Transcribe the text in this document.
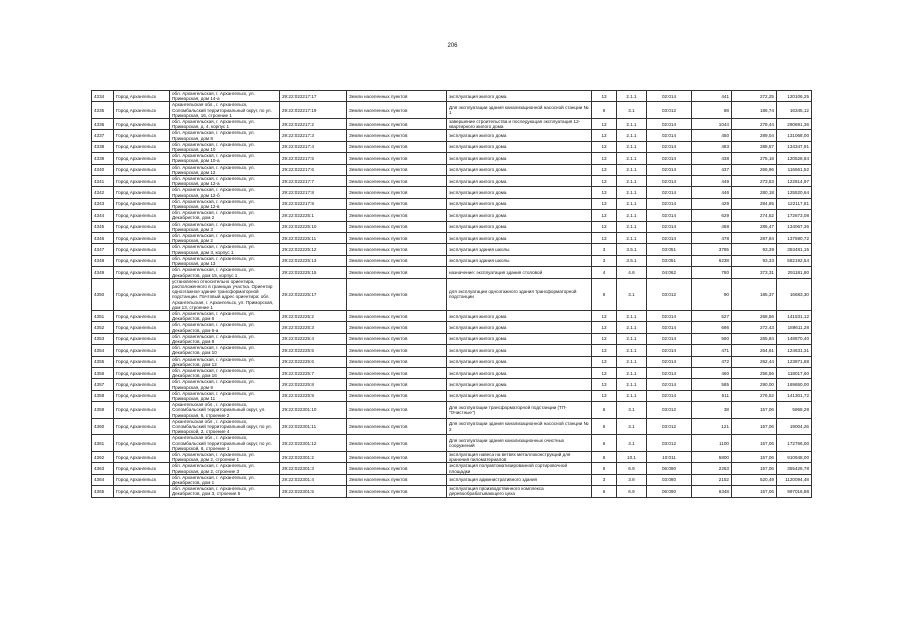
206
4334	Город Архангельск	обл. Архангельская, г. Архангельск, ул. Приморская, дом 14-а	29:22:022217:17	Земли населенных пунктов	эксплуатация жилого дома	13	2.1.1	02:014	441	272,25	120106,25
4335	Город Архангельск	Архангельская обл., г. Архангельск, Соломбальский территориальный округ, по ул. Приморская, 16, строение 1	29:22:022217:19	Земли населенных пунктов	Для эксплуатации здания канализационной насосной станции № 1	6	3.1	03:012	88	186,74	16345,12
4336	Город Архангельск	обл. Архангельская, г. Архангельск, ул. Приморская, д. 4, корпус 1	29:22:022217:2	Земли населенных пунктов	завершение строительства и последующая эксплуатация 12-квартирного жилого дома	13	2.1.1	02:014	1044	278,44	290691,36
4337	Город Архангельск	обл. Архангельская, г. Архангельск, ул. Приморская, дом 8	29:22:022217:3	Земли населенных пунктов	эксплуатация жилого дома	13	2.1.1	02:014	450	289,04	131068,00
4338	Город Архангельск	обл. Архангельская, г. Архангельск, ул. Приморская, дом 10	29:22:022217:4	Земли населенных пунктов	эксплуатация жилого дома	13	2.1.1	02:014	483	288,57	134347,91
4339	Город Архангельск	обл. Архангельская, г. Архангельск, ул. Приморская, дом 10-а	29:22:022217:5	Земли населенных пунктов	эксплуатация жилого дома	13	2.1.1	02:014	438	275,18	120528,84
4340	Город Архангельск	обл. Архангельская, г. Архангельск, ул. Приморская, дом 12	29:22:022217:6	Земли населенных пунктов	эксплуатация жилого дома	13	2.1.1	02:014	437	266,96	116661,52
4341	Город Архангельск	обл. Архангельская, г. Архангельск, ул. Приморская, дом 12-а	29:22:022217:7	Земли населенных пунктов	эксплуатация жилого дома	13	2.1.1	02:014	449	273,53	122814,97
4342	Город Архангельск	обл. Архангельская, г. Архангельск, ул. Приморская, дом 12-б	29:22:022217:8	Земли населенных пунктов	эксплуатация жилого дома	13	2.1.1	02:014	446	280,18	125520,64
4343	Город Архангельск	обл. Архангельская, г. Архангельск, ул. Приморская, дом 12-в	29:22:022217:9	Земли населенных пунктов	эксплуатация жилого дома	13	2.1.1	02:014	429	284,65	122117,81
4344	Город Архангельск	обл. Архангельская, г. Архангельск, ул. Декабристов, дом 2	29:22:022225:1	Земли населенных пунктов	эксплуатация жилого дома	13	2.1.1	02:014	629	274,52	172673,08
4345	Город Архангельск	обл. Архангельская, г. Архангельск, ул. Приморская, дом 3	29:22:022225:10	Земли населенных пунктов	эксплуатация жилого дома	13	2.1.1	02:014	468	286,47	134067,36
4346	Город Архангельск	обл. Архангельская, г. Архангельск, ул. Приморская, дом 2	29:22:022225:11	Земли населенных пунктов	эксплуатация жилого дома	13	2.1.1	02:014	478	287,84	137590,72
4347	Город Архангельск	обл. Архангельская, г. Архангельск, ул. Приморская, дом 3, корпус 1	29:22:022225:12	Земли населенных пунктов	эксплуатация здания школы	3	3.5.1	03:051	3785	93,39	353481,15
4348	Город Архангельск	обл. Архангельская, г. Архангельск, ул. Приморская, дом 13	29:22:022225:13	Земли населенных пунктов	эксплуатация здания школы	3	3.5.1	03:051	6238	93,33	582192,54
4349	Город Архангельск	обл. Архангельская, г. Архангельск, ул. Декабристов, дом 15, корпус 1	29:22:022225:15	Земли населенных пунктов	назначение: эксплуатация здания столовой	4	4.6	04:062	780	373,31	291181,80
4350	Город Архангельск	установлено относительно ориентира, расположенного в границах участка. Ориентир одноэтажное здание трансформаторной подстанции. Почтовый адрес ориентира: обл. Архангельская, г. Архангельск, ул. Приморская, дом 13, строение 1	29:22:022225:17	Земли населенных пунктов	для эксплуатации одноэтажного здания трансформаторной подстанции	6	3.1	03:012	90	185,37	16683,30
4351	Город Архангельск	обл. Архангельская, г. Архангельск, ул. Декабристов, дом 6	29:22:022225:2	Земли населенных пунктов	эксплуатация жилого дома	13	2.1.1	02:014	527	268,56	141531,12
4352	Город Архангельск	обл. Архангельская, г. Архангельск, ул. Декабристов, дом 6-а	29:22:022225:3	Земли населенных пунктов	эксплуатация жилого дома	13	2.1.1	02:014	696	272,43	189611,28
4353	Город Архангельск	обл. Архангельская, г. Архангельск, ул. Декабристов, дом 8	29:22:022225:4	Земли населенных пунктов	эксплуатация жилого дома	13	2.1.1	02:014	560	265,84	148870,40
4354	Город Архангельск	обл. Архангельская, г. Архангельск, ул. Декабристов, дом 10	29:22:022225:5	Земли населенных пунктов	эксплуатация жилого дома	13	2.1.1	02:014	471	264,61	124631,31
4355	Город Архангельск	обл. Архангельская, г. Архангельск, ул. Декабристов, дом 12	29:22:022225:6	Земли населенных пунктов	эксплуатация жилого дома	13	2.1.1	02:014	472	262,44	123871,68
4356	Город Архангельск	обл. Архангельская, г. Архангельск, ул. Декабристов, дом 16	29:22:022225:7	Земли населенных пунктов	эксплуатация жилого дома	13	2.1.1	02:014	460	256,56	118017,60
4357	Город Архангельск	обл. Архангельская, г. Архангельск, ул. Приморская, дом 9	29:22:022225:8	Земли населенных пунктов	эксплуатация жилого дома	13	2.1.1	02:014	585	290,00	169650,00
4358	Город Архангельск	обл. Архангельская, г. Архангельск, ул. Приморская, дом 11	29:22:022225:9	Земли населенных пунктов	эксплуатация жилого дома	13	2.1.1	02:014	511	276,52	141301,72
4359	Город Архангельск	Архангельская обл., г. Архангельск, Соломбальский территориальный округ, ул. Приморская, 6, строение 2	29:22:022301:10	Земли населенных пунктов	Для эксплуатации трансформаторной подстанции (ТП-"Очистные")	6	3.1	03:012	38	157,06	5968,28
4360	Город Архангельск	Архангельская обл., г. Архангельск, Соломбальский территориальный округ, по ул. Приморской, 2, строение 4	29:22:022301:11	Земли населенных пунктов	Для эксплуатации здания канализационной насосной станции № 2	6	3.1	03:012	121	157,06	19004,26
4361	Город Архангельск	Архангельская обл., г. Архангельск, Соломбальский территориальный округ, по ул. Приморской, 6, строение 1	29:22:022301:12	Земли населенных пунктов	Для эксплуатации здания канализационных очистных сооружений	6	3.1	03:012	1100	157,06	172766,00
4362	Город Архангельск	обл. Архангельская, г. Архангельск, ул. Приморская, дом 2, строение 1	29:22:022301:2	Земли населенных пунктов	эксплуатация навеса на ветвях металлоконструкций для хранения пиломатериалов	6	10.1	10:011	5800	157,06	910948,00
4363	Город Архангельск	обл. Архангельская, г. Архангельск, ул. Приморская, дом 2, строение 3	29:22:022301:3	Земли населенных пунктов	эксплуатация полуавтоматизированной сортировочной площадки	6	6.9	06:090	2263	157,06	355426,78
4364	Город Архангельск	обл. Архангельская, г. Архангельск, ул. Декабристов, дом 1	29:22:022301:4	Земли населенных пунктов	эксплуатация административного здания	3	3.8	03:080	2152	520,49	1120094,48
4365	Город Архангельск	обл. Архангельская, г. Архангельск, ул. Декабристов, дом 3, строение 5	29:22:022301:5	Земли населенных пунктов	эксплуатация производственного комплекса деревообрабатывающего цеха	6	6.9	06:090	6348	157,06	997016,88
